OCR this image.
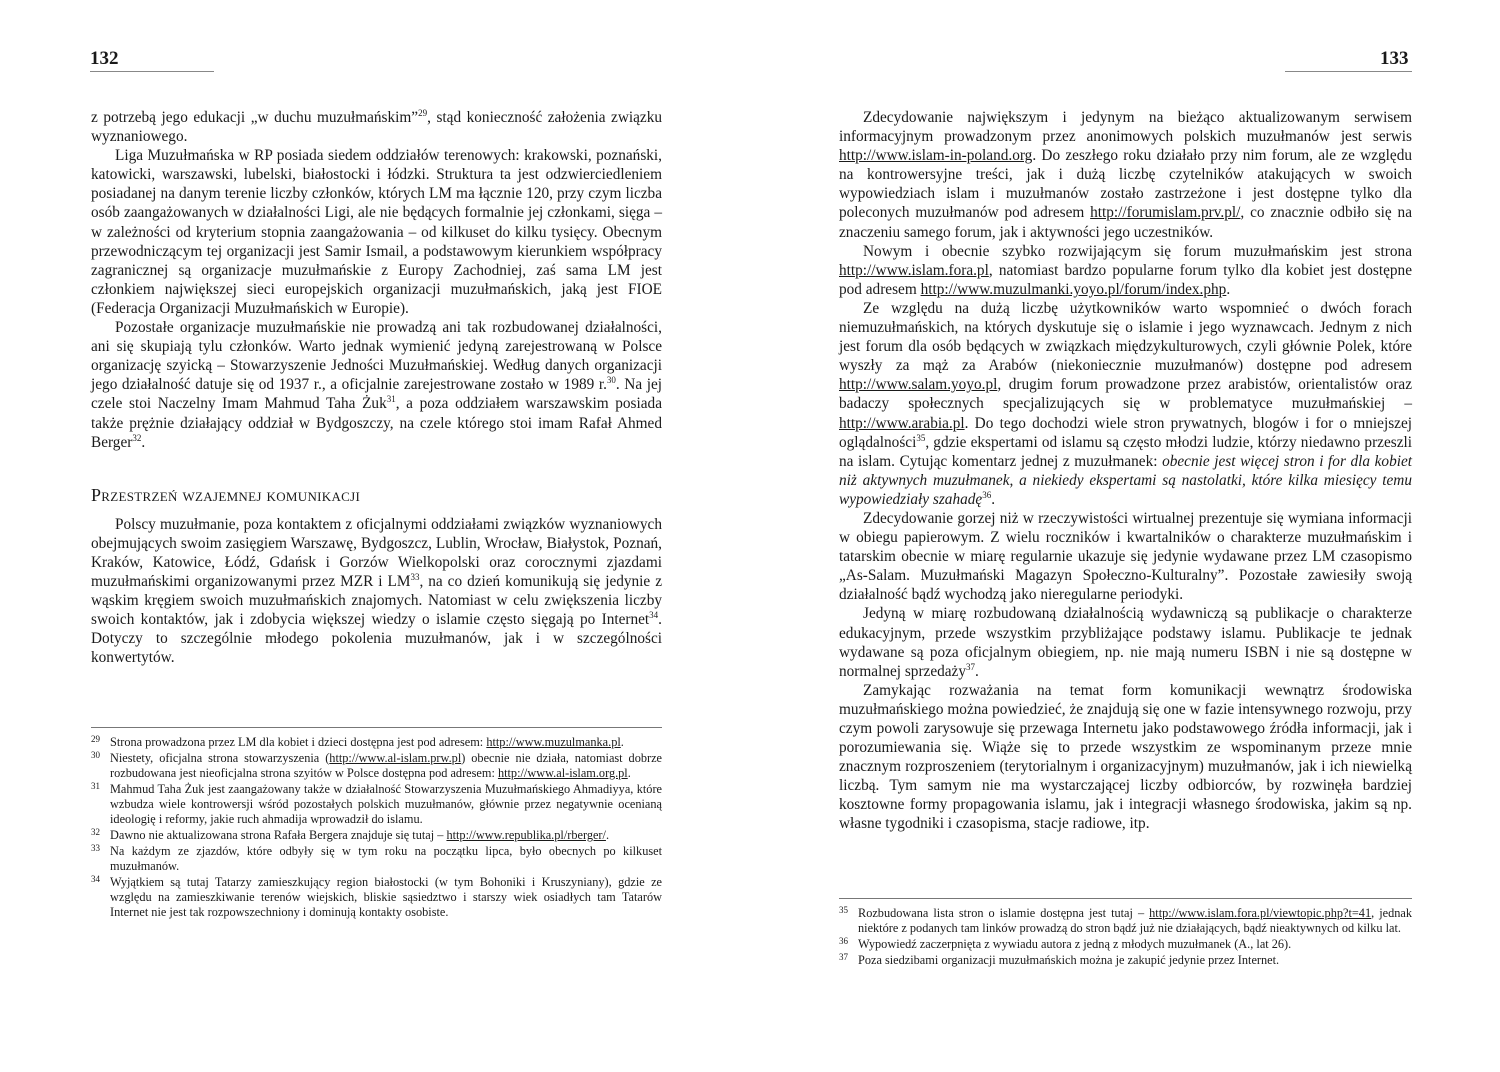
132

z potrzebą jego edukacji „w duchu muzułmańskim”$^{29}$, stąd konieczność założenia związku wyznaniowego.

Liga Muzułmańska w RP posiada siedem oddziałów terenowych: krakowski, poznański, katowicki, warszawski, lubelski, białostocki i łódzki. Struktura ta jest odzwierciedleniem posiadanej na danym terenie liczby członków, których LM ma łącznie 120, przy czym liczba osób zaangażowanych w działalności Ligi, ale nie będących formalnie jej członkami, sięga – w zależności od kryterium stopnia zaangażowania – od kilkuset do kilku tysięcy. Obecnym przewodniczącym tej organizacji jest Samir Ismail, a podstawowym kierunkiem współpracy zagranicznej są organizacje muzułmańskie z Europy Zachodniej, zaś sama LM jest członkiem największej sieci europejskich organizacji muzułmańskich, jaką jest FIOE (Federacja Organizacji Muzułmańskich w Europie).

Pozostałe organizacje muzułmańskie nie prowadzą ani tak rozbudowanej działalności, ani się skupiają tylu członków. Warto jednak wymienić jedyną zarejestrowaną w Polsce organizację szyicką – Stowarzyszenie Jedności Muzułmańskiej. Według danych organizacji jego działalność datuje się od 1937 r., a oficjalnie zarejestrowane zostało w 1989 r.$^{30}$. Na jej czele stoi Naczelny Imam Mahmud Taha Żuk$^{31}$, a poza oddziałem warszawskim posiada także prężnie działający oddział w Bydgoszczy, na czele którego stoi imam Rafał Ahmed Berger$^{32}$.

Przestrzeń wzajemnej komunikacji

Polscy muzułmanie, poza kontaktem z oficjalnymi oddziałami związków wyznaniowych obejmujących swoim zasięgiem Warszawę, Bydgoszcz, Lublin, Wrocław, Białystok, Poznań, Kraków, Katowice, Łódź, Gdańsk i Gorzów Wielkopolski oraz corocznymi zjazdami muzułmańskimi organizowanymi przez MZR i LM$^{33}$, na co dzień komunikują się jedynie z wąskim kręgiem swoich muzułmańskich znajomych. Natomiast w celu zwiększenia liczby swoich kontaktów, jak i zdobycia większej wiedzy o islamie często sięgają po Internet$^{34}$. Dotyczy to szczególnie młodego pokolenia muzułmanów, jak i w szczególności konwertytów.

29 Strona prowadzona przez LM dla kobiet i dzieci dostępna jest pod adresem: http://www.muzulmanka.pl.
30 Niestety, oficjalna strona stowarzyszenia (http://www.al-islam.prw.pl) obecnie nie działa, natomiast dobrze rozbudowana jest nieoficjalna strona szyitów w Polsce dostępna pod adresem: http://www.al-islam.org.pl.
31 Mahmud Taha Żuk jest zaangażowany także w działalność Stowarzyszenia Muzułmańskiego Ahmadiyya, które wzbudza wiele kontrowersji wśród pozostałych polskich muzułmanów, głównie przez negatywnie ocenianą ideologię i reformy, jakie ruch ahmadija wprowadził do islamu.
32 Dawno nie aktualizowana strona Rafała Bergera znajduje się tutaj – http://www.republika.pl/rberger/.
33 Na każdym ze zjazdów, które odbyły się w tym roku na początku lipca, było obecnych po kilkuset muzułmanów.
34 Wyjątkiem są tutaj Tatarzy zamieszkujący region białostocki (w tym Bohoniki i Kruszyniany), gdzie ze względu na zamieszkiwanie terenów wiejskich, bliskie sąsiedztwo i starszy wiek osiadłych tam Tatarów Internet nie jest tak rozpowszechniony i dominują kontakty osobiste.
133

Zdecydowanie największym i jedynym na bieżąco aktualizowanym serwisem informacyjnym prowadzonym przez anonimowych polskich muzułmanów jest serwis http://www.islam-in-poland.org. Do zeszłego roku działało przy nim forum, ale ze względu na kontrowersyjne treści, jak i dużą liczbę czytelników atakujących w swoich wypowiedziach islam i muzułmanów zostało zastrzeżone i jest dostępne tylko dla poleconych muzułmanów pod adresem http://forumislam.prv.pl/, co znacznie odbiło się na znaczeniu samego forum, jak i aktywności jego uczestników.

Nowym i obecnie szybko rozwijającym się forum muzułmańskim jest strona http://www.islam.fora.pl, natomiast bardzo popularne forum tylko dla kobiet jest dostępne pod adresem http://www.muzulmanki.yoyo.pl/forum/index.php.

Ze względu na dużą liczbę użytkowników warto wspomnieć o dwóch forach niemuzułmańskich, na których dyskutuje się o islamie i jego wyznawcach. Jednym z nich jest forum dla osób będących w związkach międzykulturowych, czyli głównie Polek, które wyszły za mąż za Arabów (niekoniecznie muzułmanów) dostępne pod adresem http://www.salam.yoyo.pl, drugim forum prowadzone przez arabistów, orientalistów oraz badaczy społecznych specjalizujących się w problematyce muzułmańskiej – http://www.arabia.pl. Do tego dochodzi wiele stron prywatnych, blogów i for o mniejszej oglądalności$^{35}$, gdzie ekspertami od islamu są często młodzi ludzie, którzy niedawno przeszli na islam. Cytując komentarz jednej z muzułmanek: obecnie jest więcej stron i for dla kobiet niż aktywnych muzułmanek, a niekiedy ekspertami są nastolatki, które kilka miesięcy temu wypowiedziały szahadę$^{36}$.

Zdecydowanie gorzej niż w rzeczywistości wirtualnej prezentuje się wymiana informacji w obiegu papierowym. Z wielu roczników i kwartalników o charakterze muzułmańskim i tatarskim obecnie w miarę regularnie ukazuje się jedynie wydawane przez LM czasopismo „As-Salam. Muzułmański Magazyn Społeczno-Kulturalny”. Pozostałe zawiesiły swoją działalność bądź wychodzą jako nieregularne periodyki.

Jedyną w miarę rozbudowaną działalnością wydawniczą są publikacje o charakterze edukacyjnym, przede wszystkim przybliżające podstawy islamu. Publikacje te jednak wydawane są poza oficjalnym obiegiem, np. nie mają numeru ISBN i nie są dostępne w normalnej sprzedaży$^{37}$.

Zamykając rozważania na temat form komunikacji wewnątrz środowiska muzułmańskiego można powiedzieć, że znajdują się one w fazie intensywnego rozwoju, przy czym powoli zarysowuje się przewaga Internetu jako podstawowego źródła informacji, jak i porozumiewania się. Wiąże się to przede wszystkim ze wspominanym przeze mnie znacznym rozproszeniem (terytorialnym i organizacyjnym) muzułmanów, jak i ich niewielką liczbą. Tym samym nie ma wystarczającej liczby odbiorców, by rozwinęła bardziej kosztowne formy propagowania islamu, jak i integracji własnego środowiska, jakim są np. własne tygodniki i czasopisma, stacje radiowe, itp.

35 Rozbudowana lista stron o islamie dostępna jest tutaj – http://www.islam.fora.pl/viewtopic.php?t=41, jednak niektóre z podanych tam linków prowadzą do stron bądź już nie działających, bądź nieaktywnych od kilku lat.
36 Wypowiedź zaczerpnięta z wywiadu autora z jedną z młodych muzułmanek (A., lat 26).
37 Poza siedzibami organizacji muzułmańskich można je zakupić jedynie przez Internet.
